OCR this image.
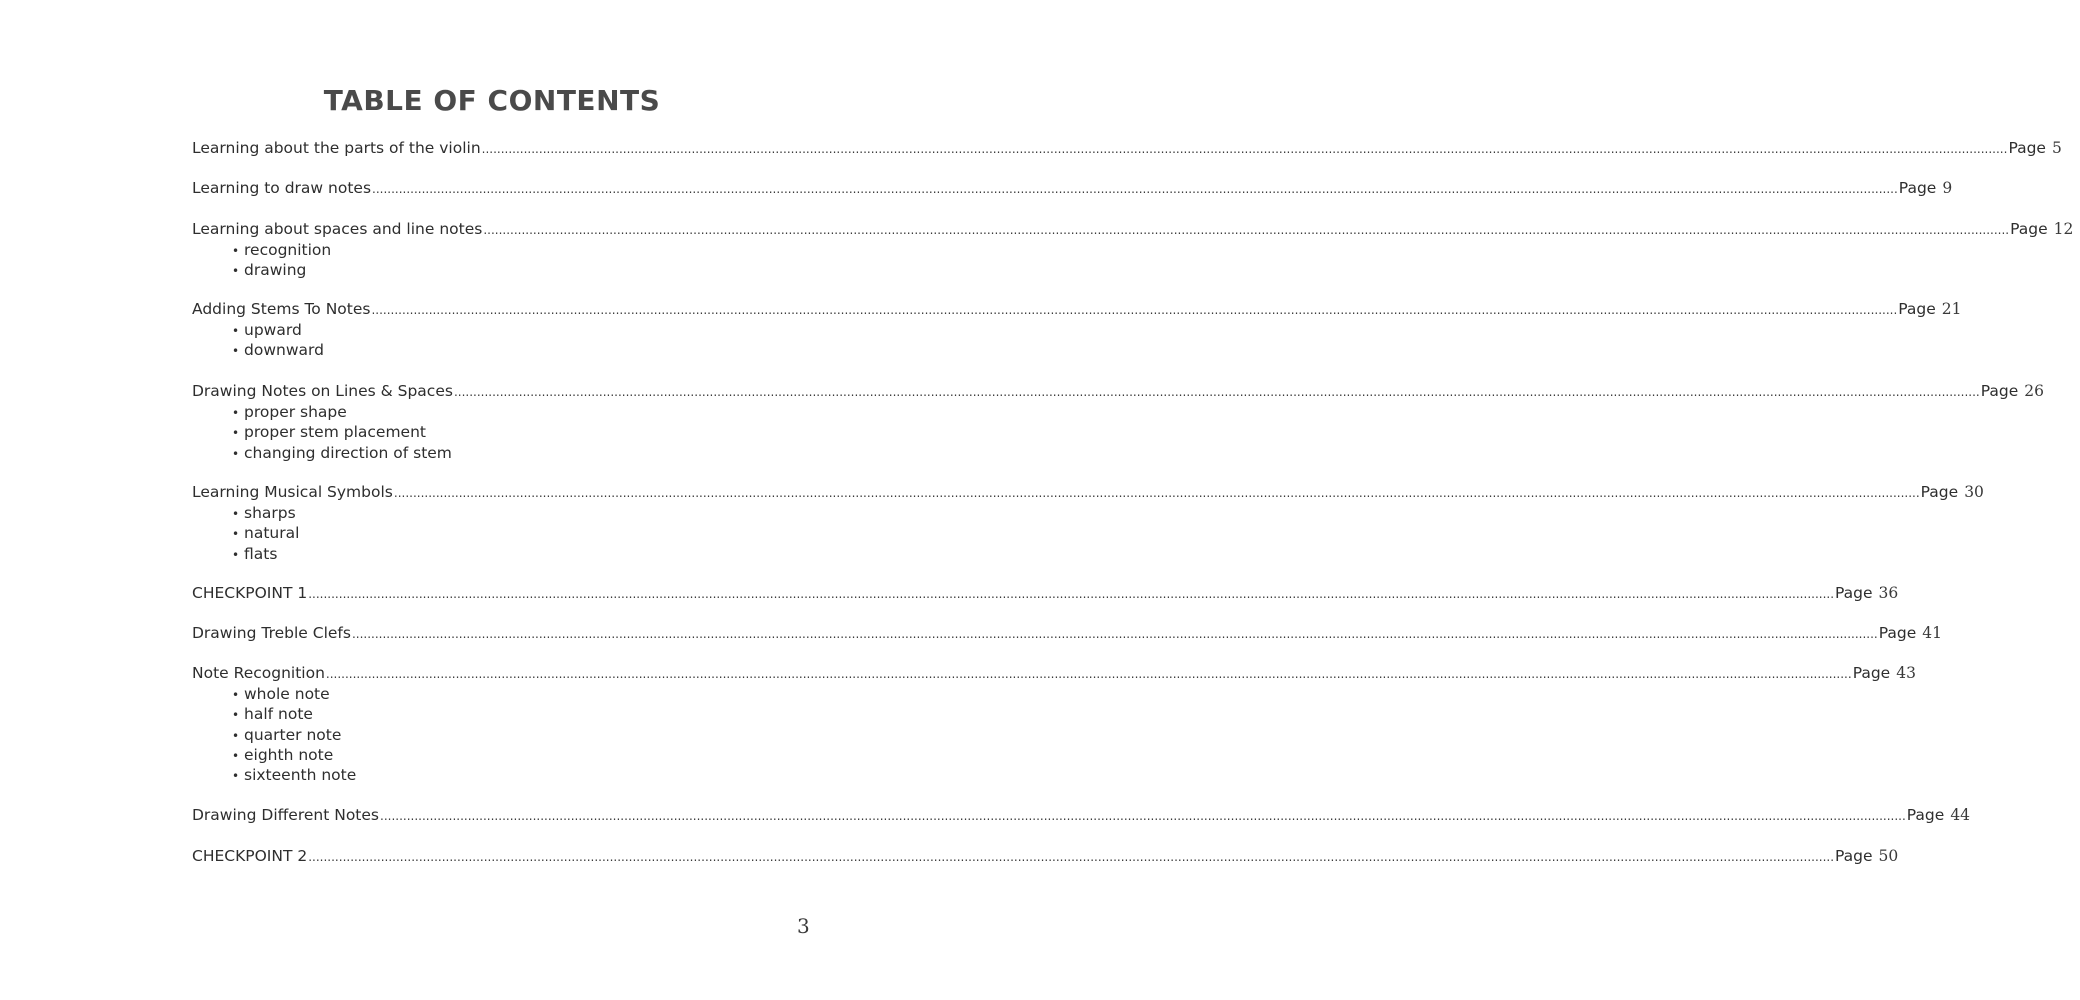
TABLE OF CONTENTS
Learning about the parts of the violin ................................................................................................................................................................................................................................................................................................................................................................................................................ Page 5
Learning to draw notes ................................................................................................................................................................................................................................................................................................................................................................................................................ Page 9
Learning about spaces and line notes ................................................................................................................................................................................................................................................................................................................................................................................................................ Page 12
• recognition
• drawing
Adding Stems To Notes ................................................................................................................................................................................................................................................................................................................................................................................................................ Page 21
• upward
• downward
Drawing Notes on Lines & Spaces ................................................................................................................................................................................................................................................................................................................................................................................................................ Page 26
• proper shape
• proper stem placement
• changing direction of stem
Learning Musical Symbols ................................................................................................................................................................................................................................................................................................................................................................................................................ Page 30
• sharps
• natural
• flats
CHECKPOINT 1 ................................................................................................................................................................................................................................................................................................................................................................................................................ Page 36
Drawing Treble Clefs ................................................................................................................................................................................................................................................................................................................................................................................................................ Page 41
Note Recognition ................................................................................................................................................................................................................................................................................................................................................................................................................ Page 43
• whole note
• half note
• quarter note
• eighth note
• sixteenth note
Drawing Different Notes ................................................................................................................................................................................................................................................................................................................................................................................................................ Page 44
CHECKPOINT 2 ................................................................................................................................................................................................................................................................................................................................................................................................................ Page 50
3
